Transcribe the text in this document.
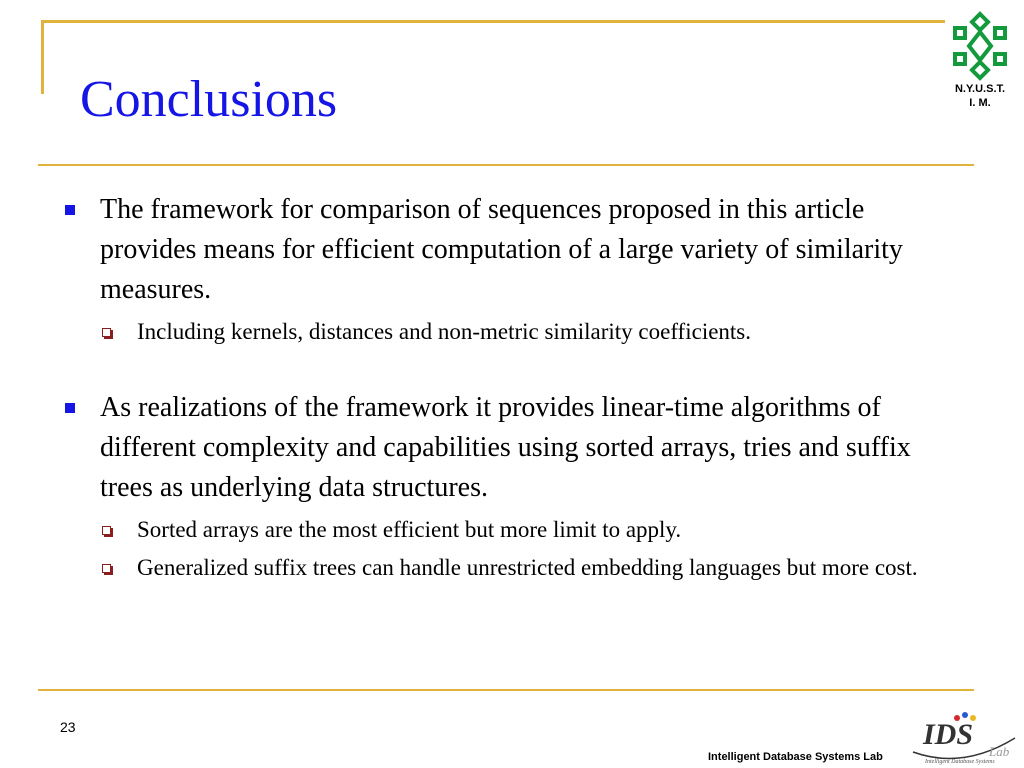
Conclusions	N.Y.U.S.T.
I. M.
The framework for comparison of sequences proposed in this article provides means for efficient computation of a large variety of similarity measures.
Including kernels, distances and non-metric similarity coefficients.
As realizations of the framework it provides linear-time algorithms of different complexity and capabilities using sorted arrays, tries and suffix trees as underlying data structures.
Sorted arrays are the most efficient but more limit to apply.
Generalized suffix trees can handle unrestricted embedding languages but more cost.
23
Intelligent Database Systems Lab
IDS
Lab
Intelligent Database Systems
